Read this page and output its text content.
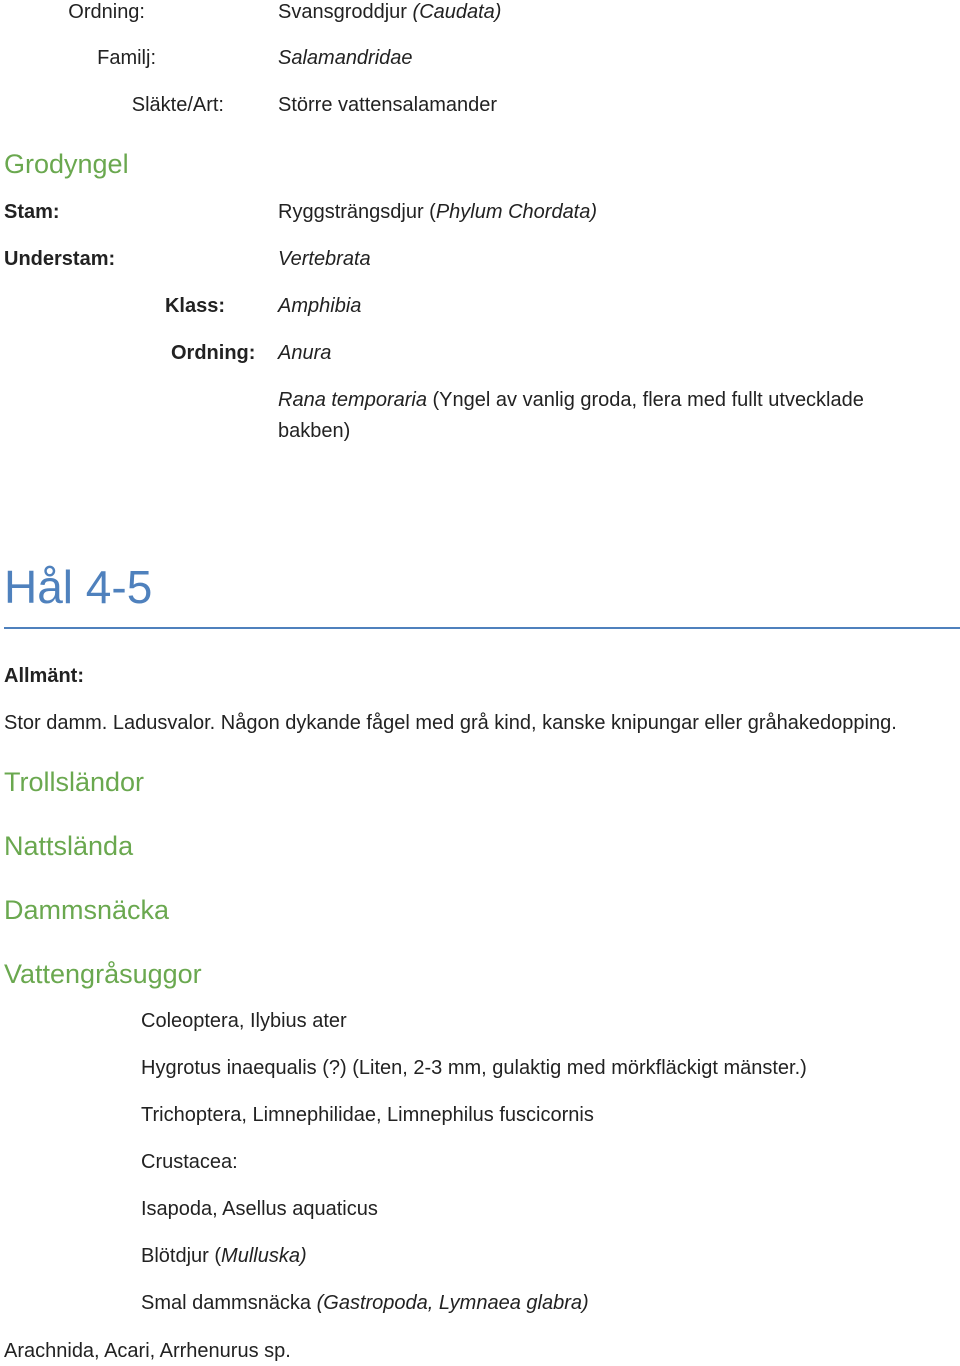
Ordning:	Svansgroddjur (Caudata)
Familj:	Salamandridae
Släkte/Art:	Större vattensalamander
Grodyngel
Stam:	Ryggsträngsdjur (Phylum Chordata)
Understam:	Vertebrata
Klass:	Amphibia
Ordning: Anura
Rana temporaria (Yngel av vanlig groda, flera med fullt utvecklade
bakben)
Hål 4-5
Allmänt:
Stor damm. Ladusvalor. Någon dykande fågel med grå kind, kanske knipungar eller gråhakedopping.
Trollsländor
Nattslända
Dammsnäcka
Vattengråsuggor
Coleoptera, Ilybius ater
Hygrotus inaequalis (?) (Liten, 2-3 mm, gulaktig med mörkfläckigt mänster.)
Trichoptera, Limnephilidae, Limnephilus fuscicornis
Crustacea:
Isapoda, Asellus aquaticus
Blötdjur (Mulluska)
Smal dammsnäcka (Gastropoda, Lymnaea glabra)
Arachnida, Acari, Arrhenurus sp.
